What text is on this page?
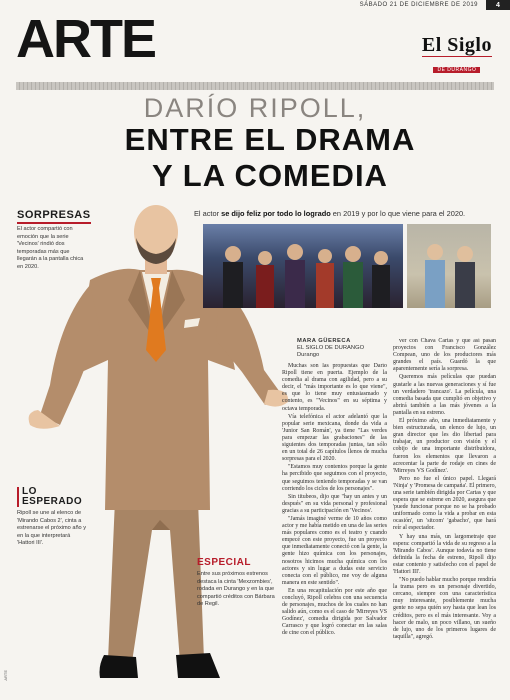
SÁBADO 21 DE DICIEMBRE DE 2019	4
ARTE	El Siglo
DE DURANGO
DARÍO RIPOLL,
ENTRE EL DRAMA
Y LA COMEDIA
El actor se dijo feliz por todo lo logrado en 2019 y por lo que viene para el 2020.
SORPRESAS
El actor compartió con emoción que la serie 'Vecinos' rindió dos temporadas más que llegarán a la pantalla chica en 2020.
LO
ESPERADO
Ripoll se une al elenco de 'Mirando Cabos 2', cinta a estrenarse el próximo año y en la que interpretará 'Hattori III'.
ESPECIAL
Entre sus próximos estrenos destaca la cinta 'Mexzombies', rodada en Durango y en la que compartió créditos con Bárbara de Regil.
MARA GÜERECA
EL SIGLO DE DURANGO
Durango

Muchas son las propuestas que Darío Ripoll tiene en puerta. Ejemplo de la comedia al drama con agilidad, pero a su decir, el "más importante es lo que viene", es que lo tiene muy entusiasmado y contento, es "Vecinos" en su séptima y octava temporada.

Vía telefónica el actor adelantó que la popular serie mexicana, donde da vida a 'Junior San Román', ya tiene "Las verdes para empezar las grabaciones" de las siguientes dos temporadas juntas, tan sólo en un total de 26 capítulos llenos de mucha sorpresas para el 2020.

"Estamos muy contentos porque la gente ha percibido que seguimos con el proyecto, que seguimos teniendo temporadas y se van corriendo los ciclos de los personajes".

Sin titubeos, dijo que "hay un antes y un después" en su vida personal y profesional gracias a su participación en 'Vecinos'.

"Jamás imaginé verme de 10 años como actor y me había metido en una de las series más populares como es el teatro y cuando empecé con este proyecto, fue un proyecto que inmediatamente conectó con la gente, la gente hizo química con los personajes, nosotros hicimos mucha química con los actores y sin lugar a dudas este servicio conecta con el público, me voy de alguna manera en este sentido".

En una recapitulación por este año que concluyó, Ripoll celebra con una secuencia de personajes, muchos de los cuales no han salido aún, como es el caso de 'Mirreyes VS Godínez', comedia dirigida por Salvador Carrasco y que logró conectar en las salas de cine con el público.

ver con Chava Cartas y que así pasan proyectos con Francisco González Compean, uno de los productores más grandes el país. Guardó la que aparentemente sería la sorpresa.

Queremos más películas que puedan gustarle a las nuevas generaciones y sí fue un verdadero 'trancazo'. La película, una comedia basada que cumplió en objetivo y abrirá también a las más jóvenes a la pantalla en su estreno.

El próximo año, una inmediatamente y bien estructurada, un elenco de lujo, un gran director que les dio libertad para trabajar, un productor con visión y el cobijo de una importante distribuidora, fueron los elementos que llevaron a acrecentar la parte de rodaje en cines de 'Mirreyes VS Godínez'.

Pero no fue el único papel. Llegará 'Ninja' y 'Promesa de campaña'. El primero, una serie también dirigida por Cartas y que espera que se estrene en 2020, asegura que 'puede funcionar porque no se ha probado uniformado como la vida a probar en esta ocasión', un 'sitcom' 'gabacho', que hará reír al espectador.

Y hay una más, un largometraje que espera: compartió la vida de su regreso a la 'Mirando Cabos'. Aunque todavía no tiene definida la fecha de estreno, Ripoll dijo estar contento y satisfecho con el papel de 'Hattori III'.

"No puedo hablar mucho porque rendiría la trama pero es un personaje divertido, cercano, siempre con una característica muy interesante, posiblemente mucha gente no sepa quién soy hasta que lean los créditos, pero es el más interesante. Voy a hacer de malo, un poco villano, un sueño de lujo, uno de los primeros lugares de taquilla", agregó.

ARTE
